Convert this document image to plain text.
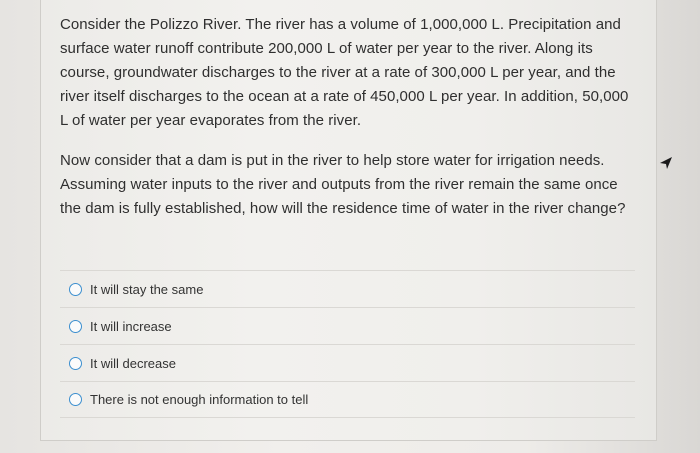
Consider the Polizzo River. The river has a volume of 1,000,000 L. Precipitation and surface water runoff contribute 200,000 L of water per year to the river. Along its course, groundwater discharges to the river at a rate of 300,000 L per year, and the river itself discharges to the ocean at a rate of 450,000 L per year. In addition, 50,000 L of water per year evaporates from the river.

Now consider that a dam is put in the river to help store water for irrigation needs. Assuming water inputs to the river and outputs from the river remain the same once the dam is fully established, how will the residence time of water in the river change?

It will stay the same
It will increase
It will decrease
There is not enough information to tell
